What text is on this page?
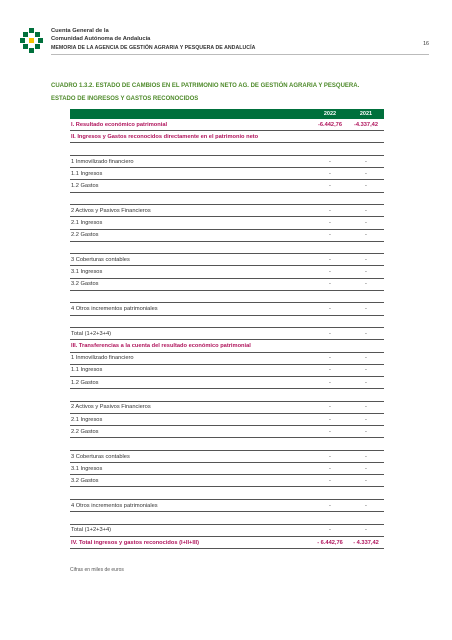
Cuenta General de la
Comunidad Autónoma de Andalucía
MEMORIA DE LA AGENCIA DE GESTIÓN AGRARIA Y PESQUERA DE ANDALUCÍA
16
CUADRO 1.3.2. ESTADO DE CAMBIOS EN EL PATRIMONIO NETO AG. DE GESTIÓN AGRARIA Y PESQUERA.
ESTADO DE INGRESOS Y GASTOS RECONOCIDOS
2022	2021
I. Resultado económico patrimonial	-6.442,76	-4.337,42
II. Ingresos y Gastos reconocidos directamente en el patrimonio neto
1 Inmovilizado financiero	-	-
1.1 Ingresos	-	-
1.2 Gastos	-	-
2 Activos y Pasivos Financieros	-	-
2.1 Ingresos	-	-
2.2 Gastos	-	-
3 Coberturas contables	-	-
3.1 Ingresos	-	-
3.2 Gastos	-	-
4 Otros incrementos patrimoniales	-	-
Total (1+2+3+4)	-	-
III. Transferencias a la cuenta del resultado económico patrimonial
1 Inmovilizado financiero	-	-
1.1 Ingresos	-	-
1.2 Gastos	-	-
2 Activos y Pasivos Financieros	-	-
2.1 Ingresos	-	-
2.2 Gastos	-	-
3 Coberturas contables	-	-
3.1 Ingresos	-	-
3.2 Gastos	-	-
4 Otros incrementos patrimoniales	-	-
Total (1+2+3+4)	-	-
IV. Total ingresos y gastos reconocidos (I+II+III)	- 6.442,76	- 4.337,42
Cifras en miles de euros
